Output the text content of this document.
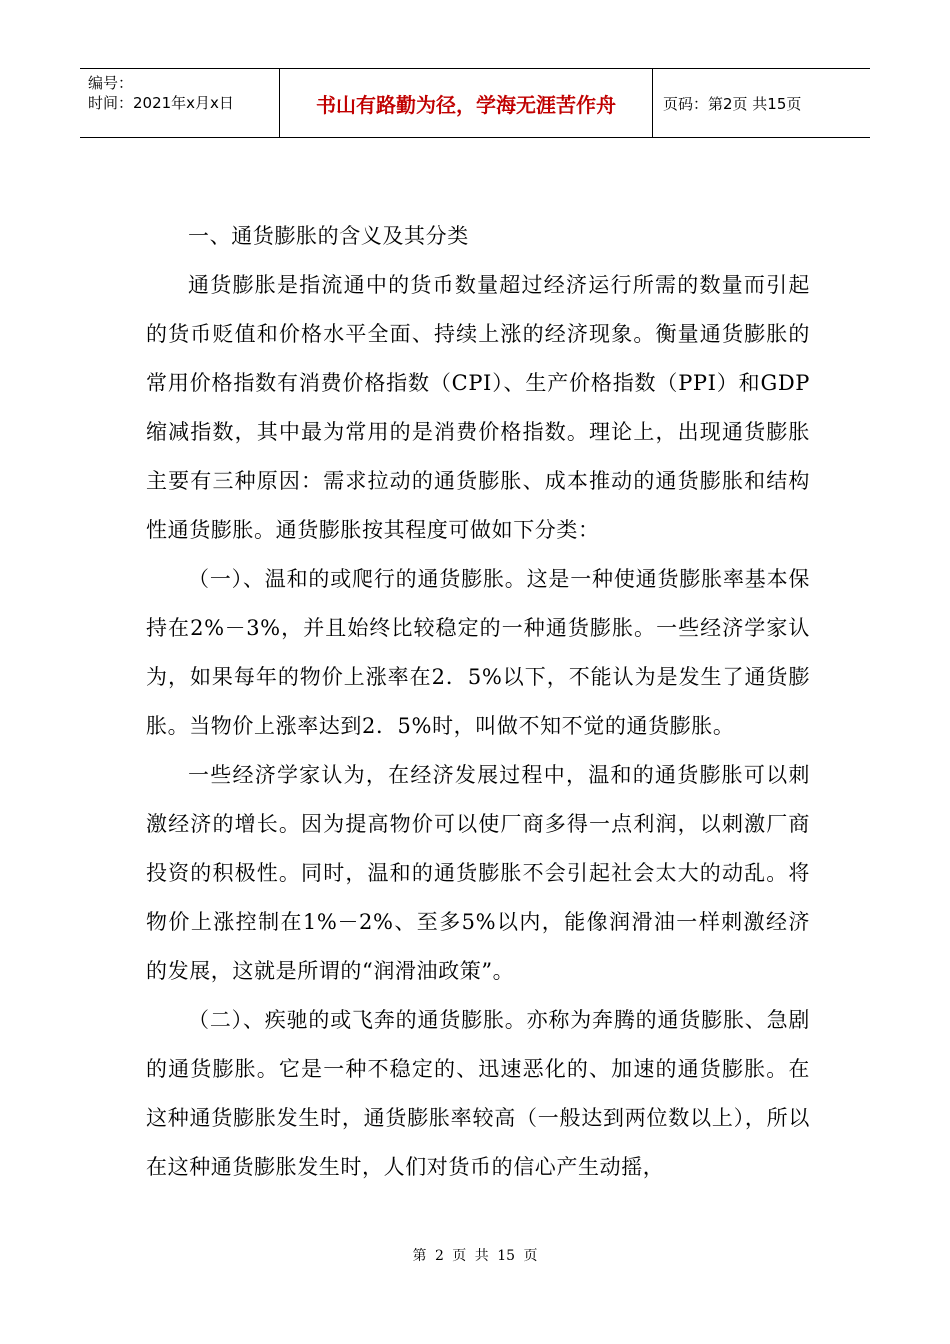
编号：
时间：2021年x月x日	书山有路勤为径，学海无涯苦作舟	页码：第2页 共15页

一、通货膨胀的含义及其分类

通货膨胀是指流通中的货币数量超过经济运行所需的数量而引起的货币贬值和价格水平全面、持续上涨的经济现象。衡量通货膨胀的常用价格指数有消费价格指数（CPI）、生产价格指数（PPI）和GDP缩减指数，其中最为常用的是消费价格指数。理论上，出现通货膨胀主要有三种原因：需求拉动的通货膨胀、成本推动的通货膨胀和结构性通货膨胀。通货膨胀按其程度可做如下分类：

（一）、温和的或爬行的通货膨胀。这是一种使通货膨胀率基本保持在2%－3%，并且始终比较稳定的一种通货膨胀。一些经济学家认为，如果每年的物价上涨率在2．5%以下，不能认为是发生了通货膨胀。当物价上涨率达到2．5%时，叫做不知不觉的通货膨胀。

一些经济学家认为，在经济发展过程中，温和的通货膨胀可以刺激经济的增长。因为提高物价可以使厂商多得一点利润，以刺激厂商投资的积极性。同时，温和的通货膨胀不会引起社会太大的动乱。将物价上涨控制在1%－2%、至多5%以内，能像润滑油一样刺激经济的发展，这就是所谓的“润滑油政策”。

（二）、疾驰的或飞奔的通货膨胀。亦称为奔腾的通货膨胀、急剧的通货膨胀。它是一种不稳定的、迅速恶化的、加速的通货膨胀。在这种通货膨胀发生时，通货膨胀率较高（一般达到两位数以上），所以在这种通货膨胀发生时，人们对货币的信心产生动摇，

第 2 页 共 15 页
